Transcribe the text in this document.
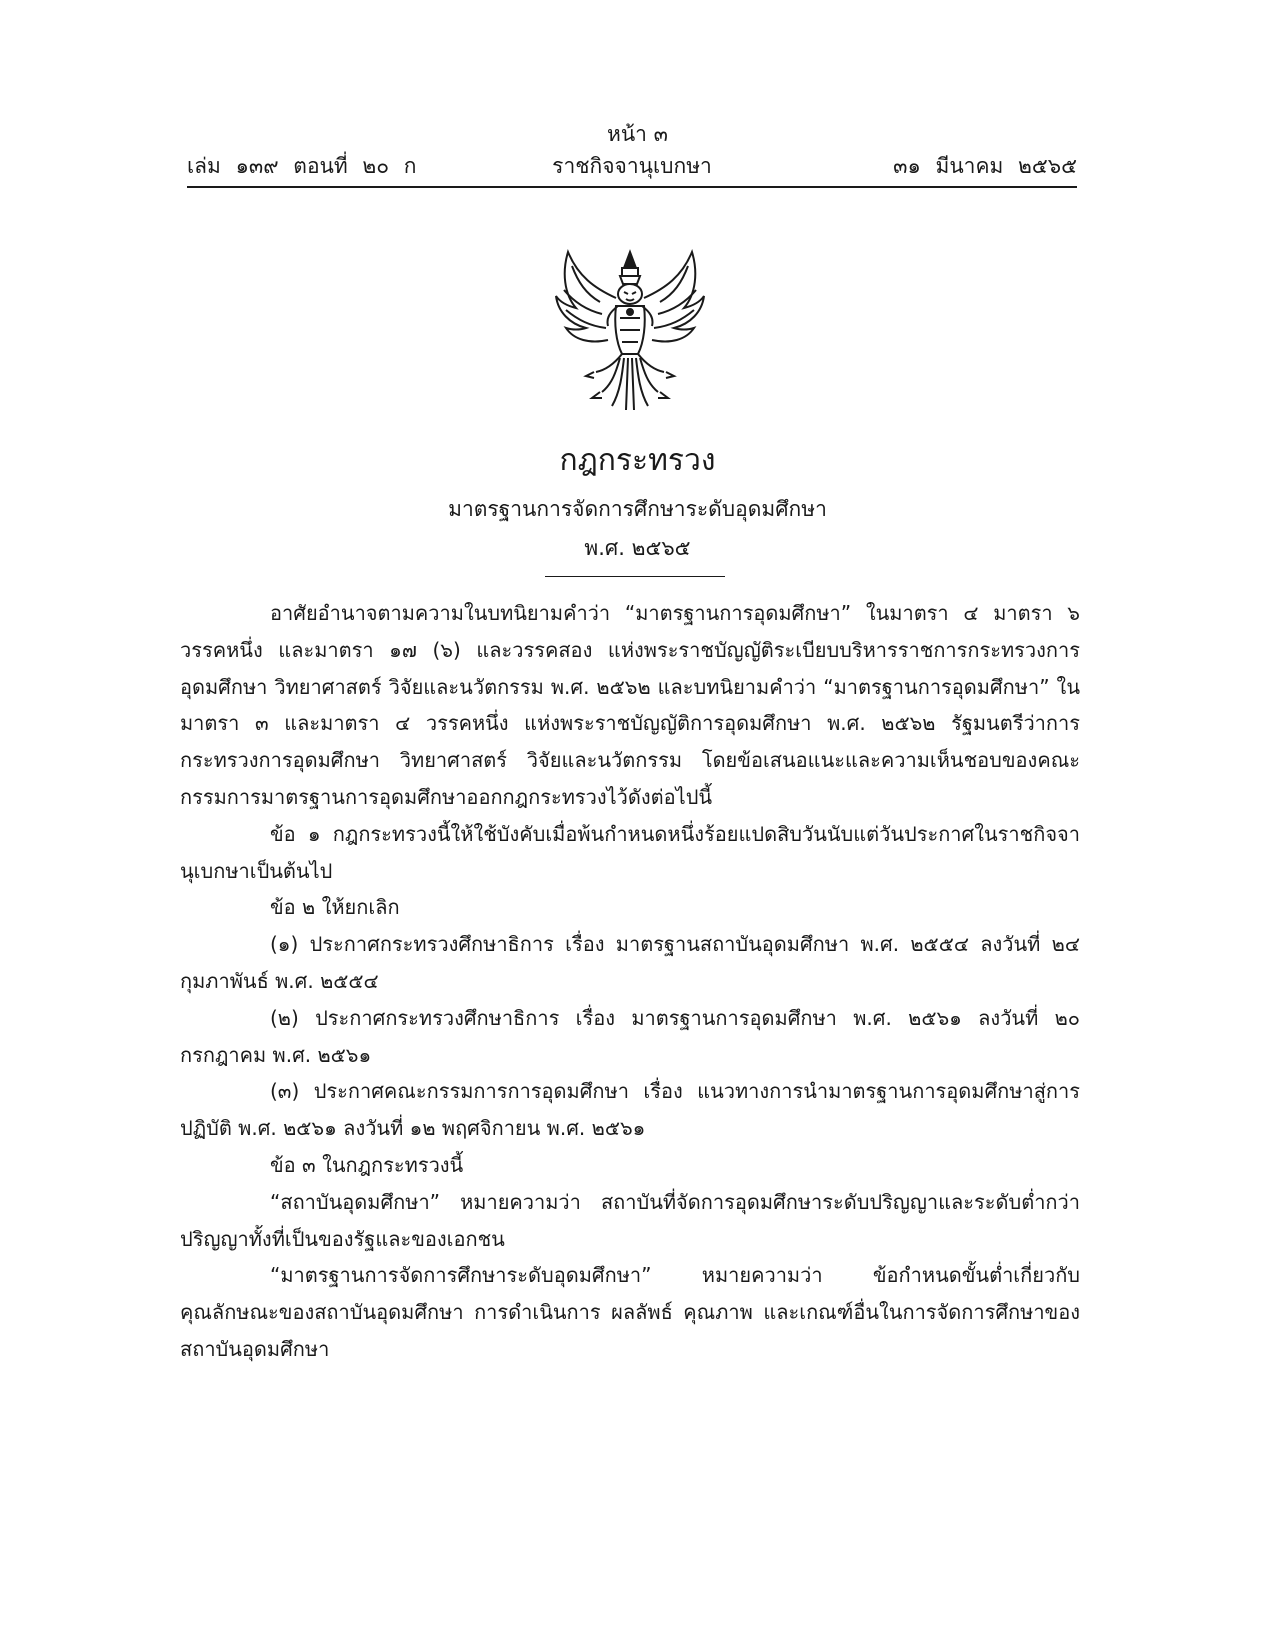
หน้า ๓
เล่ม ๑๓๙ ตอนที่ ๒๐ ก	ราชกิจจานุเบกษา	๓๑ มีนาคม ๒๕๖๕
กฎกระทรวง
มาตรฐานการจัดการศึกษาระดับอุดมศึกษา
พ.ศ. ๒๕๖๕

อาศัยอำนาจตามความในบทนิยามคำว่า “มาตรฐานการอุดมศึกษา” ในมาตรา ๔ มาตรา ๖ วรรคหนึ่ง และมาตรา ๑๗ (๖) และวรรคสอง แห่งพระราชบัญญัติระเบียบบริหารราชการกระทรวงการอุดมศึกษา วิทยาศาสตร์ วิจัยและนวัตกรรม พ.ศ. ๒๕๖๒ และบทนิยามคำว่า “มาตรฐานการอุดมศึกษา” ในมาตรา ๓ และมาตรา ๔ วรรคหนึ่ง แห่งพระราชบัญญัติการอุดมศึกษา พ.ศ. ๒๕๖๒ รัฐมนตรีว่าการกระทรวงการอุดมศึกษา วิทยาศาสตร์ วิจัยและนวัตกรรม โดยข้อเสนอแนะและความเห็นชอบของคณะกรรมการมาตรฐานการอุดมศึกษาออกกฎกระทรวงไว้ดังต่อไปนี้

ข้อ ๑ กฎกระทรวงนี้ให้ใช้บังคับเมื่อพ้นกำหนดหนึ่งร้อยแปดสิบวันนับแต่วันประกาศในราชกิจจานุเบกษาเป็นต้นไป

ข้อ ๒ ให้ยกเลิก

(๑) ประกาศกระทรวงศึกษาธิการ เรื่อง มาตรฐานสถาบันอุดมศึกษา พ.ศ. ๒๕๕๔ ลงวันที่ ๒๔ กุมภาพันธ์ พ.ศ. ๒๕๕๔

(๒) ประกาศกระทรวงศึกษาธิการ เรื่อง มาตรฐานการอุดมศึกษา พ.ศ. ๒๕๖๑ ลงวันที่ ๒๐ กรกฎาคม พ.ศ. ๒๕๖๑

(๓) ประกาศคณะกรรมการการอุดมศึกษา เรื่อง แนวทางการนำมาตรฐานการอุดมศึกษาสู่การปฏิบัติ พ.ศ. ๒๕๖๑ ลงวันที่ ๑๒ พฤศจิกายน พ.ศ. ๒๕๖๑

ข้อ ๓ ในกฎกระทรวงนี้

“สถาบันอุดมศึกษา” หมายความว่า สถาบันที่จัดการอุดมศึกษาระดับปริญญาและระดับต่ำกว่าปริญญาทั้งที่เป็นของรัฐและของเอกชน

“มาตรฐานการจัดการศึกษาระดับอุดมศึกษา” หมายความว่า ข้อกำหนดขั้นต่ำเกี่ยวกับคุณลักษณะของสถาบันอุดมศึกษา การดำเนินการ ผลลัพธ์ คุณภาพ และเกณฑ์อื่นในการจัดการศึกษาของสถาบันอุดมศึกษา
